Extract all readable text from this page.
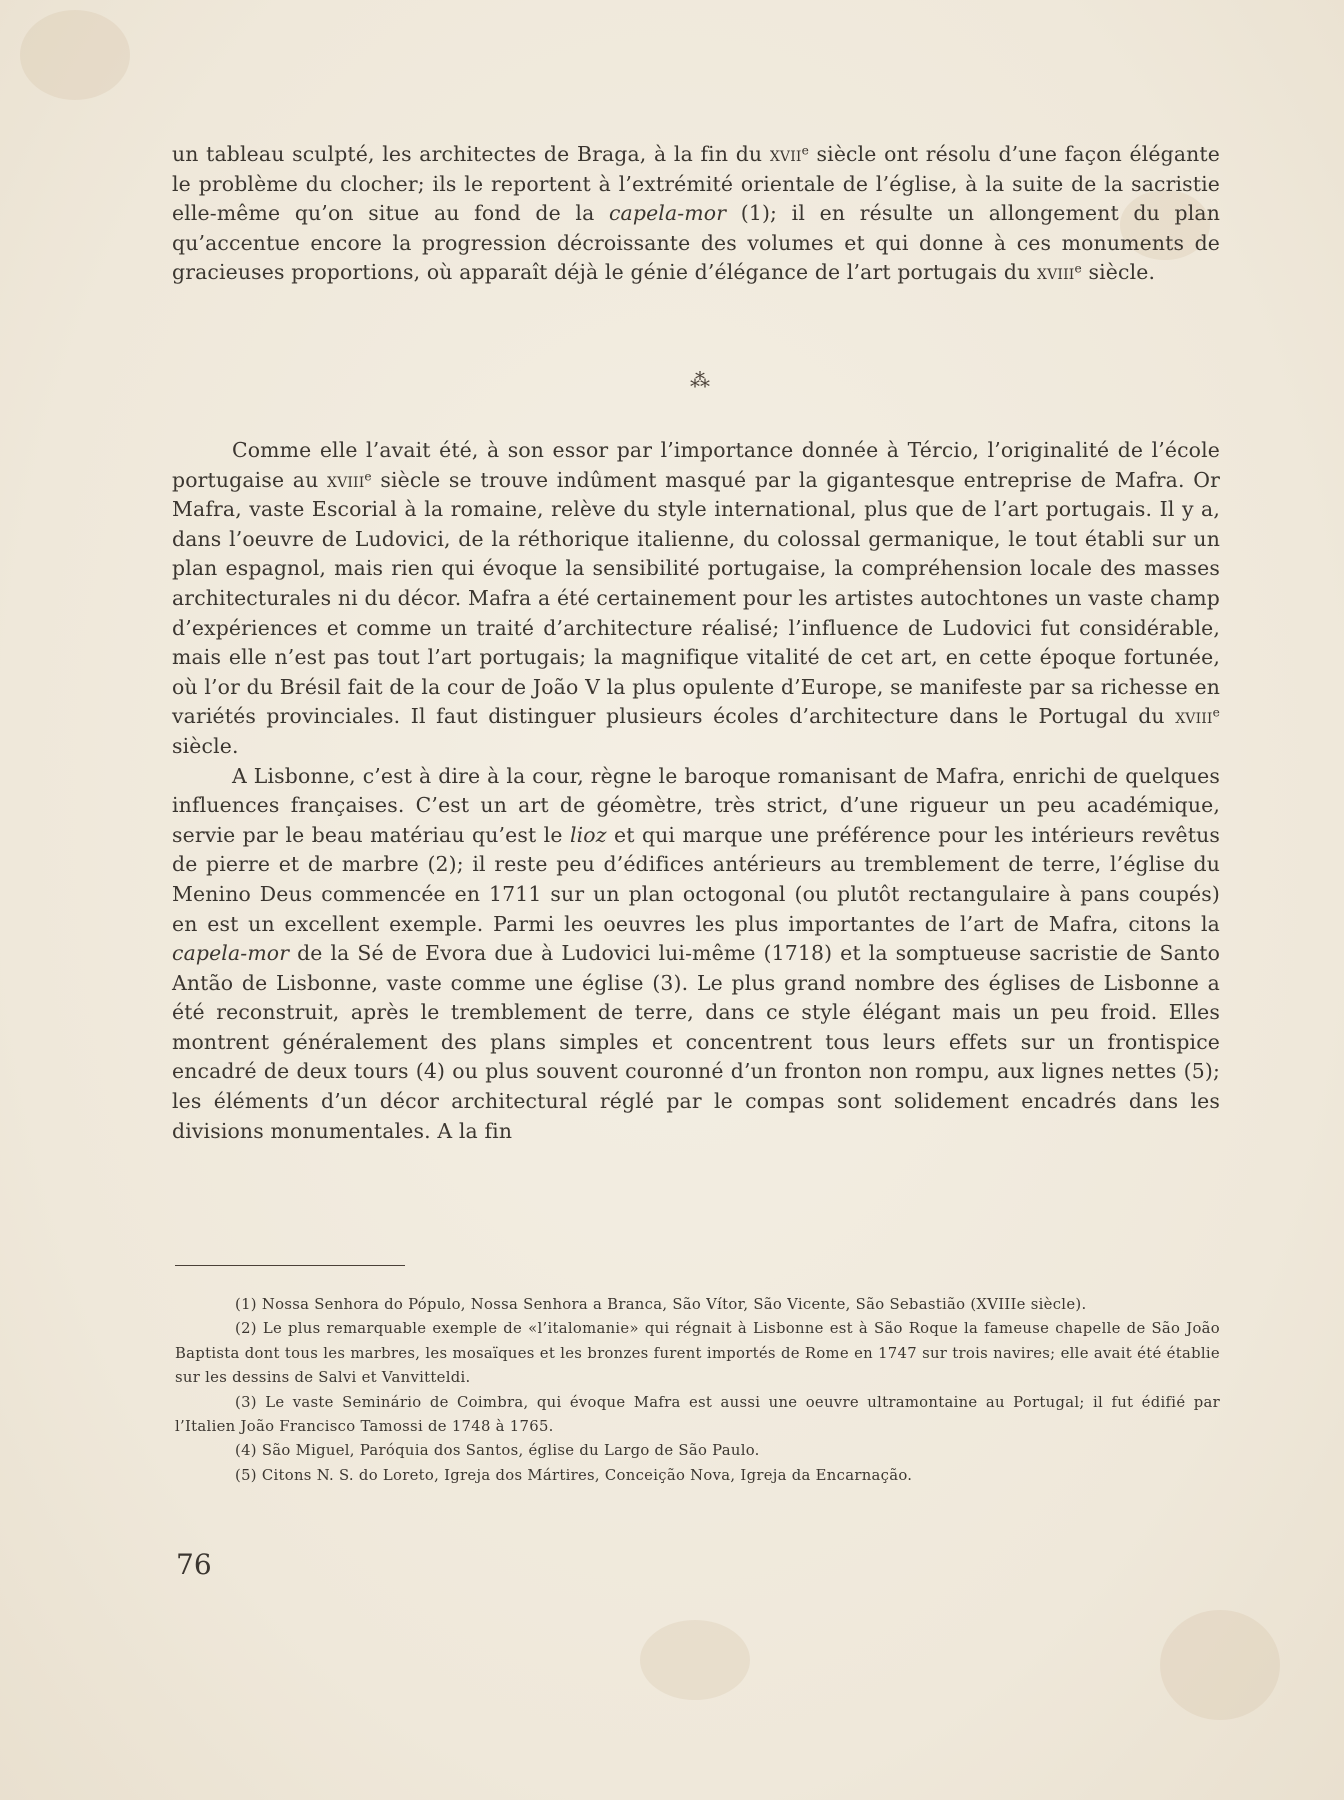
un tableau sculpté, les architectes de Braga, à la fin du xvii$^e$ siècle ont résolu d’une façon élégante le problème du clocher; ils le reportent à l’extrémité orientale de l’église, à la suite de la sacristie elle-même qu’on situe au fond de la capela-mor (1); il en résulte un allongement du plan qu’accentue encore la progression décroissante des volumes et qui donne à ces monuments de gracieuses proportions, où apparaît déjà le génie d’élégance de l’art portugais du xviii$^e$ siècle.

⁂

Comme elle l’avait été, à son essor par l’importance donnée à Tércio, l’originalité de l’école portugaise au xviii$^e$ siècle se trouve indûment masqué par la gigantesque entreprise de Mafra. Or Mafra, vaste Escorial à la romaine, relève du style international, plus que de l’art portugais. Il y a, dans l’oeuvre de Ludovici, de la réthorique italienne, du colossal germanique, le tout établi sur un plan espagnol, mais rien qui évoque la sensibilité portugaise, la compréhension locale des masses architecturales ni du décor. Mafra a été certainement pour les artistes autochtones un vaste champ d’expériences et comme un traité d’architecture réalisé; l’influence de Ludovici fut considérable, mais elle n’est pas tout l’art portugais; la magnifique vitalité de cet art, en cette époque fortunée, où l’or du Brésil fait de la cour de João V la plus opulente d’Europe, se manifeste par sa richesse en variétés provinciales. Il faut distinguer plusieurs écoles d’architecture dans le Portugal du xviii$^e$ siècle.

A Lisbonne, c’est à dire à la cour, règne le baroque romanisant de Mafra, enrichi de quelques influences françaises. C’est un art de géomètre, très strict, d’une rigueur un peu académique, servie par le beau matériau qu’est le lioz et qui marque une préférence pour les intérieurs revêtus de pierre et de marbre (2); il reste peu d’édifices antérieurs au tremblement de terre, l’église du Menino Deus commencée en 1711 sur un plan octogonal (ou plutôt rectangulaire à pans coupés) en est un excellent exemple. Parmi les oeuvres les plus importantes de l’art de Mafra, citons la capela-mor de la Sé de Evora due à Ludovici lui-même (1718) et la somptueuse sacristie de Santo Antão de Lisbonne, vaste comme une église (3). Le plus grand nombre des églises de Lisbonne a été reconstruit, après le tremblement de terre, dans ce style élégant mais un peu froid. Elles montrent généralement des plans simples et concentrent tous leurs effets sur un frontispice encadré de deux tours (4) ou plus souvent couronné d’un fronton non rompu, aux lignes nettes (5); les éléments d’un décor architectural réglé par le compas sont solidement encadrés dans les divisions monumentales. A la fin

(1) Nossa Senhora do Pópulo, Nossa Senhora a Branca, São Vítor, São Vicente, São Sebastião (XVIIIe siècle).

(2) Le plus remarquable exemple de «l’italomanie» qui régnait à Lisbonne est à São Roque la fameuse chapelle de São João Baptista dont tous les marbres, les mosaïques et les bronzes furent importés de Rome en 1747 sur trois navires; elle avait été établie sur les dessins de Salvi et Vanvitteldi.

(3) Le vaste Seminário de Coimbra, qui évoque Mafra est aussi une oeuvre ultramontaine au Portugal; il fut édifié par l’Italien João Francisco Tamossi de 1748 à 1765.

(4) São Miguel, Paróquia dos Santos, église du Largo de São Paulo.

(5) Citons N. S. do Loreto, Igreja dos Mártires, Conceição Nova, Igreja da Encarnação.

76
